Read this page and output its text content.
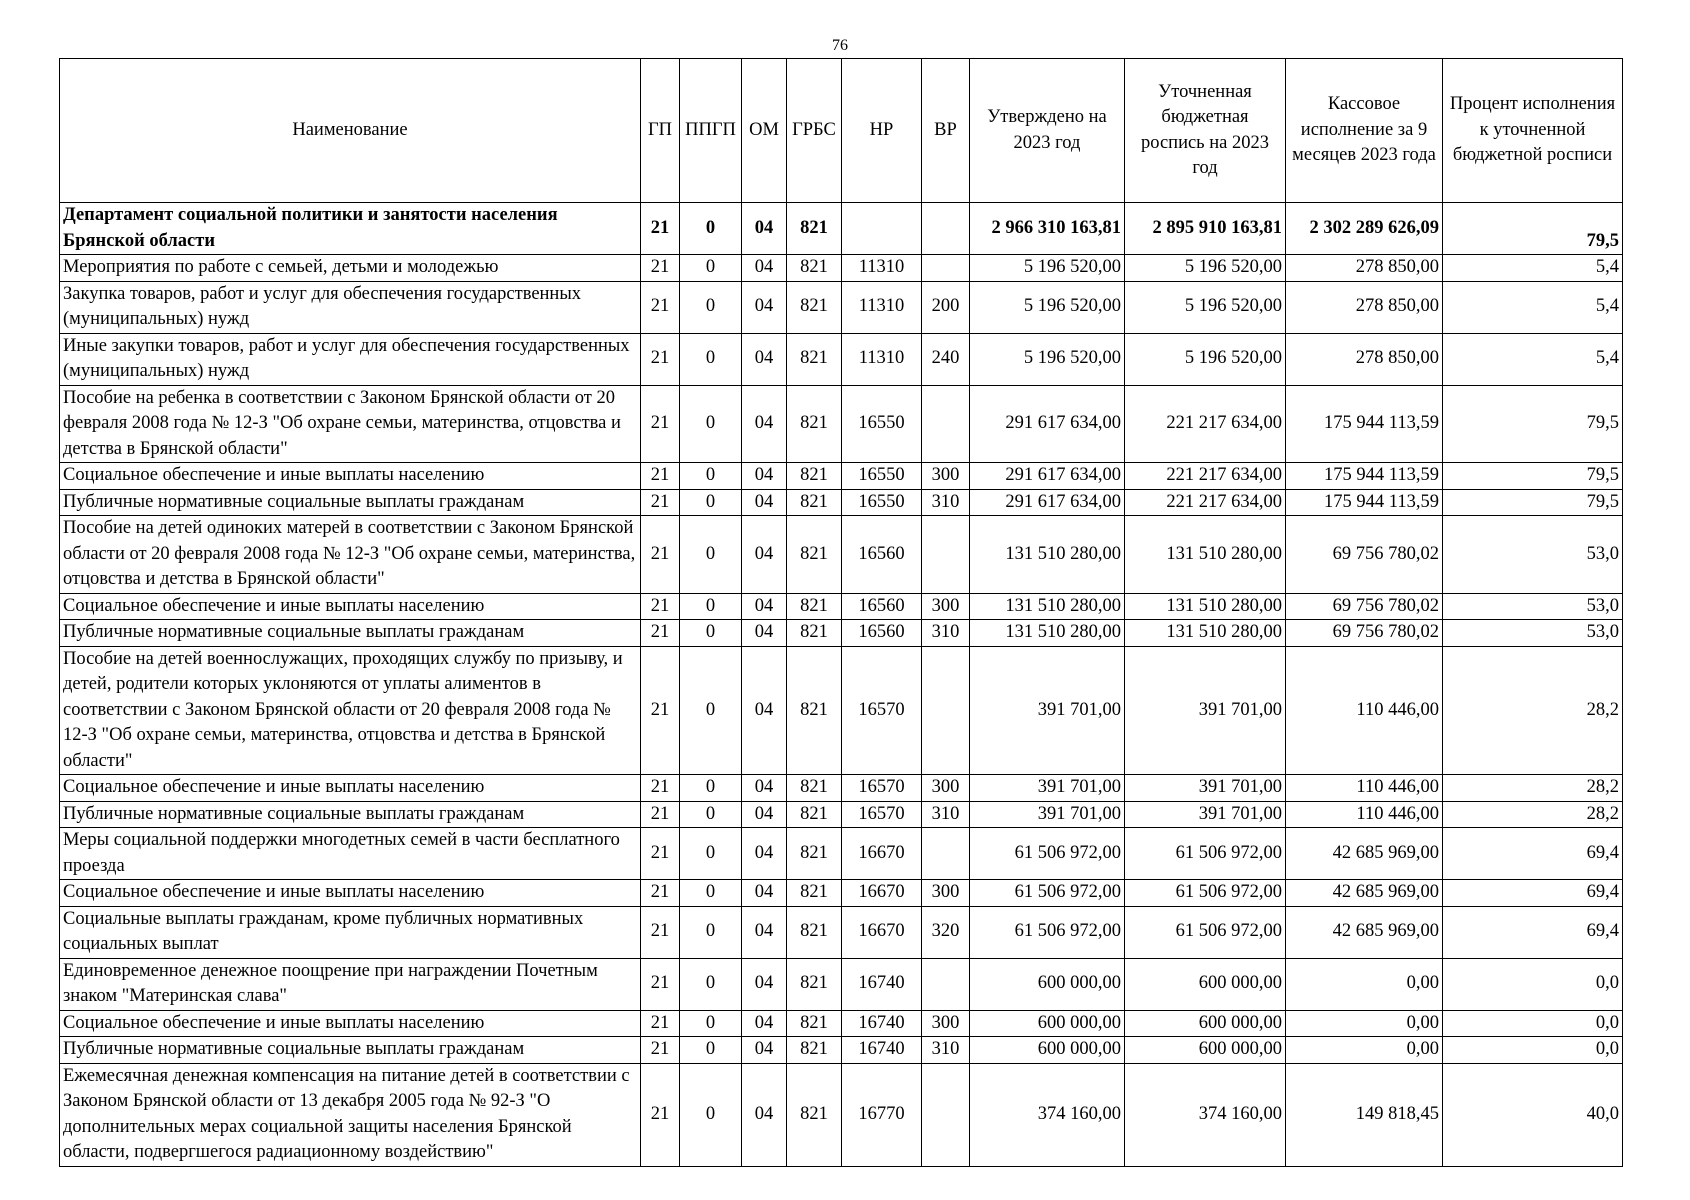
76
Наименование	ГП	ППГП	ОМ	ГРБС	НР	ВР	Утверждено на 2023 год	Уточненная бюджетная роспись на 2023 год	Кассовое исполнение за 9 месяцев 2023 года	Процент исполнения к уточненной бюджетной росписи
Департамент социальной политики и занятости населения Брянской области	21	0	04	821			2 966 310 163,81	2 895 910 163,81	2 302 289 626,09	79,5
Мероприятия по работе с семьей, детьми и молодежью	21	0	04	821	11310		5 196 520,00	5 196 520,00	278 850,00	5,4
Закупка товаров, работ и услуг для обеспечения государственных (муниципальных) нужд	21	0	04	821	11310	200	5 196 520,00	5 196 520,00	278 850,00	5,4
Иные закупки товаров, работ и услуг для обеспечения государственных (муниципальных) нужд	21	0	04	821	11310	240	5 196 520,00	5 196 520,00	278 850,00	5,4
Пособие на ребенка в соответствии с Законом Брянской области от 20 февраля 2008 года № 12-З "Об охране семьи, материнства, отцовства и детства в Брянской области"	21	0	04	821	16550		291 617 634,00	221 217 634,00	175 944 113,59	79,5
Социальное обеспечение и иные выплаты населению	21	0	04	821	16550	300	291 617 634,00	221 217 634,00	175 944 113,59	79,5
Публичные нормативные социальные выплаты гражданам	21	0	04	821	16550	310	291 617 634,00	221 217 634,00	175 944 113,59	79,5
Пособие на детей одиноких матерей в соответствии с Законом Брянской области от 20 февраля 2008 года № 12-З "Об охране семьи, материнства, отцовства и детства в Брянской области"	21	0	04	821	16560		131 510 280,00	131 510 280,00	69 756 780,02	53,0
Социальное обеспечение и иные выплаты населению	21	0	04	821	16560	300	131 510 280,00	131 510 280,00	69 756 780,02	53,0
Публичные нормативные социальные выплаты гражданам	21	0	04	821	16560	310	131 510 280,00	131 510 280,00	69 756 780,02	53,0
Пособие на детей военнослужащих, проходящих службу по призыву, и детей, родители которых уклоняются от уплаты алиментов в соответствии с Законом Брянской области от 20 февраля 2008 года № 12-З "Об охране семьи, материнства, отцовства и детства в Брянской области"	21	0	04	821	16570		391 701,00	391 701,00	110 446,00	28,2
Социальное обеспечение и иные выплаты населению	21	0	04	821	16570	300	391 701,00	391 701,00	110 446,00	28,2
Публичные нормативные социальные выплаты гражданам	21	0	04	821	16570	310	391 701,00	391 701,00	110 446,00	28,2
Меры социальной поддержки многодетных семей в части бесплатного проезда	21	0	04	821	16670		61 506 972,00	61 506 972,00	42 685 969,00	69,4
Социальное обеспечение и иные выплаты населению	21	0	04	821	16670	300	61 506 972,00	61 506 972,00	42 685 969,00	69,4
Социальные выплаты гражданам, кроме публичных нормативных социальных выплат	21	0	04	821	16670	320	61 506 972,00	61 506 972,00	42 685 969,00	69,4
Единовременное денежное поощрение при награждении Почетным знаком "Материнская слава"	21	0	04	821	16740		600 000,00	600 000,00	0,00	0,0
Социальное обеспечение и иные выплаты населению	21	0	04	821	16740	300	600 000,00	600 000,00	0,00	0,0
Публичные нормативные социальные выплаты гражданам	21	0	04	821	16740	310	600 000,00	600 000,00	0,00	0,0
Ежемесячная денежная компенсация на питание детей в соответствии с Законом Брянской области от 13 декабря 2005 года № 92-З "О дополнительных мерах социальной защиты населения Брянской области, подвергшегося радиационному воздействию"	21	0	04	821	16770		374 160,00	374 160,00	149 818,45	40,0
